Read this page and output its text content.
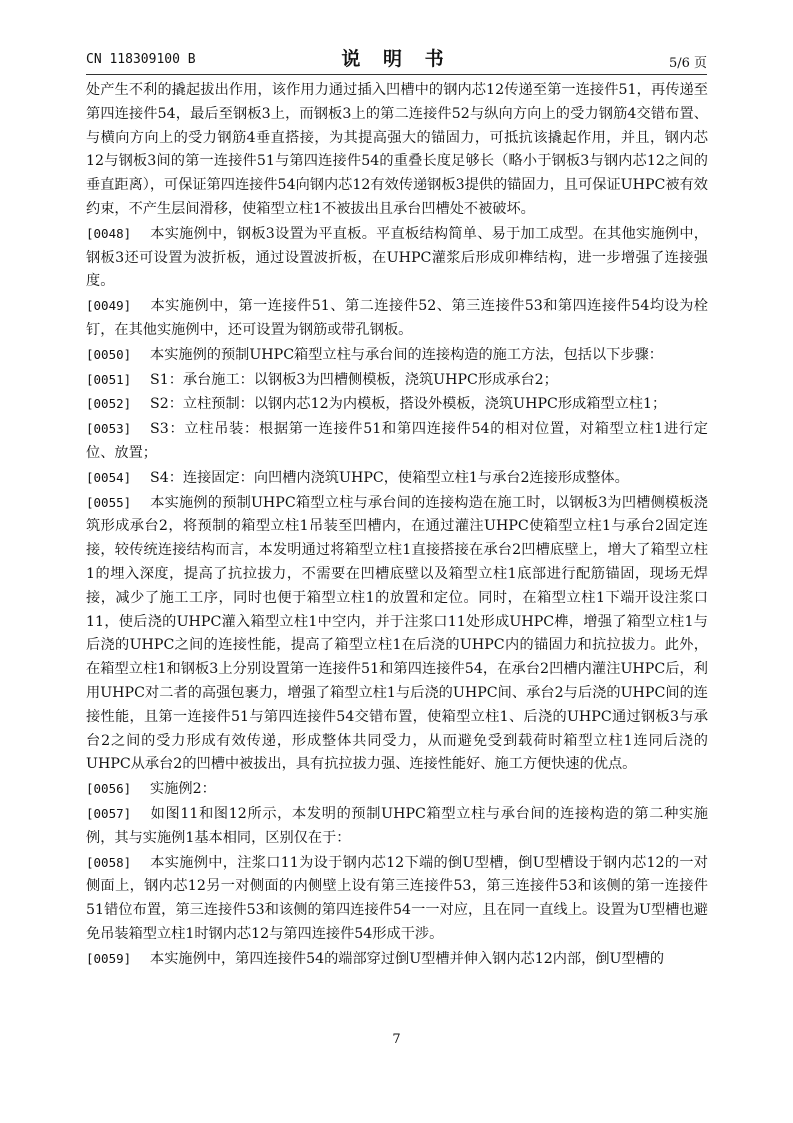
CN 118309100 B	说 明 书	5/6 页

处产生不利的撬起拔出作用，该作用力通过插入凹槽中的钢内芯12传递至第一连接件51，再传递至第四连接件54，最后至钢板3上，而钢板3上的第二连接件52与纵向方向上的受力钢筋4交错布置、与横向方向上的受力钢筋4垂直搭接，为其提高强大的锚固力，可抵抗该撬起作用，并且，钢内芯12与钢板3间的第一连接件51与第四连接件54的重叠长度足够长（略小于钢板3与钢内芯12之间的垂直距离），可保证第四连接件54向钢内芯12有效传递钢板3提供的锚固力，且可保证UHPC被有效约束，不产生层间滑移，使箱型立柱1不被拔出且承台凹槽处不被破坏。

[0048] 本实施例中，钢板3设置为平直板。平直板结构简单、易于加工成型。在其他实施例中，钢板3还可设置为波折板，通过设置波折板，在UHPC灌浆后形成卯榫结构，进一步增强了连接强度。

[0049] 本实施例中，第一连接件51、第二连接件52、第三连接件53和第四连接件54均设为栓钉，在其他实施例中，还可设置为钢筋或带孔钢板。

[0050] 本实施例的预制UHPC箱型立柱与承台间的连接构造的施工方法，包括以下步骤：

[0051] S1：承台施工：以钢板3为凹槽侧模板，浇筑UHPC形成承台2；

[0052] S2：立柱预制：以钢内芯12为内模板，搭设外模板，浇筑UHPC形成箱型立柱1；

[0053] S3：立柱吊装：根据第一连接件51和第四连接件54的相对位置，对箱型立柱1进行定位、放置；

[0054] S4：连接固定：向凹槽内浇筑UHPC，使箱型立柱1与承台2连接形成整体。

[0055] 本实施例的预制UHPC箱型立柱与承台间的连接构造在施工时，以钢板3为凹槽侧模板浇筑形成承台2，将预制的箱型立柱1吊装至凹槽内，在通过灌注UHPC使箱型立柱1与承台2固定连接，较传统连接结构而言，本发明通过将箱型立柱1直接搭接在承台2凹槽底壁上，增大了箱型立柱1的埋入深度，提高了抗拉拔力，不需要在凹槽底壁以及箱型立柱1底部进行配筋锚固，现场无焊接，减少了施工工序，同时也便于箱型立柱1的放置和定位。同时，在箱型立柱1下端开设注浆口11，使后浇的UHPC灌入箱型立柱1中空内，并于注浆口11处形成UHPC榫，增强了箱型立柱1与后浇的UHPC之间的连接性能，提高了箱型立柱1在后浇的UHPC内的锚固力和抗拉拔力。此外，在箱型立柱1和钢板3上分别设置第一连接件51和第四连接件54，在承台2凹槽内灌注UHPC后，利用UHPC对二者的高强包裹力，增强了箱型立柱1与后浇的UHPC间、承台2与后浇的UHPC间的连接性能，且第一连接件51与第四连接件54交错布置，使箱型立柱1、后浇的UHPC通过钢板3与承台2之间的受力形成有效传递，形成整体共同受力，从而避免受到载荷时箱型立柱1连同后浇的UHPC从承台2的凹槽中被拔出，具有抗拉拔力强、连接性能好、施工方便快速的优点。

[0056] 实施例2：

[0057] 如图11和图12所示，本发明的预制UHPC箱型立柱与承台间的连接构造的第二种实施例，其与实施例1基本相同，区别仅在于：

[0058] 本实施例中，注浆口11为设于钢内芯12下端的倒U型槽，倒U型槽设于钢内芯12的一对侧面上，钢内芯12另一对侧面的内侧壁上设有第三连接件53，第三连接件53和该侧的第一连接件51错位布置，第三连接件53和该侧的第四连接件54一一对应，且在同一直线上。设置为U型槽也避免吊装箱型立柱1时钢内芯12与第四连接件54形成干涉。

[0059] 本实施例中，第四连接件54的端部穿过倒U型槽并伸入钢内芯12内部，倒U型槽的

7
